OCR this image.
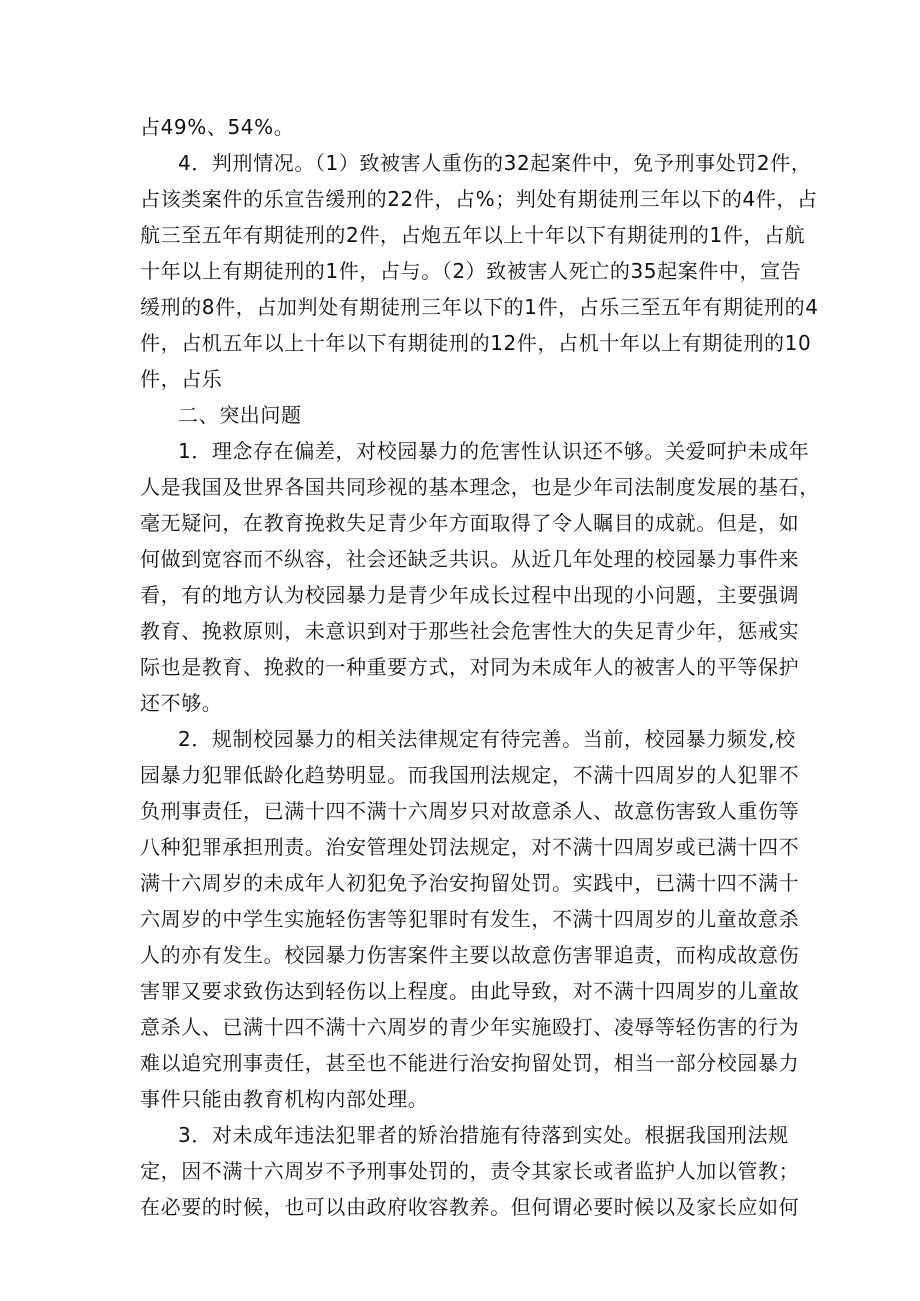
占49%、54%。
4．判刑情况。（1）致被害人重伤的32起案件中，免予刑事处罚2件，
占该类案件的乐宣告缓刑的22件，占%；判处有期徒刑三年以下的4件，占
航三至五年有期徒刑的2件，占炮五年以上十年以下有期徒刑的1件，占航
十年以上有期徒刑的1件，占与。（2）致被害人死亡的35起案件中，宣告
缓刑的8件，占加判处有期徒刑三年以下的1件，占乐三至五年有期徒刑的4
件，占机五年以上十年以下有期徒刑的12件，占机十年以上有期徒刑的10
件，占乐
二、突出问题
1．理念存在偏差，对校园暴力的危害性认识还不够。关爱呵护未成年
人是我国及世界各国共同珍视的基本理念，也是少年司法制度发展的基石，
毫无疑问，在教育挽救失足青少年方面取得了令人瞩目的成就。但是，如
何做到宽容而不纵容，社会还缺乏共识。从近几年处理的校园暴力事件来
看，有的地方认为校园暴力是青少年成长过程中出现的小问题，主要强调
教育、挽救原则，未意识到对于那些社会危害性大的失足青少年，惩戒实
际也是教育、挽救的一种重要方式，对同为未成年人的被害人的平等保护
还不够。
2．规制校园暴力的相关法律规定有待完善。当前，校园暴力频发,校
园暴力犯罪低龄化趋势明显。而我国刑法规定，不满十四周岁的人犯罪不
负刑事责任，已满十四不满十六周岁只对故意杀人、故意伤害致人重伤等
八种犯罪承担刑责。治安管理处罚法规定，对不满十四周岁或已满十四不
满十六周岁的未成年人初犯免予治安拘留处罚。实践中，已满十四不满十
六周岁的中学生实施轻伤害等犯罪时有发生，不满十四周岁的儿童故意杀
人的亦有发生。校园暴力伤害案件主要以故意伤害罪追责，而构成故意伤
害罪又要求致伤达到轻伤以上程度。由此导致，对不满十四周岁的儿童故
意杀人、已满十四不满十六周岁的青少年实施殴打、凌辱等轻伤害的行为
难以追究刑事责任，甚至也不能进行治安拘留处罚，相当一部分校园暴力
事件只能由教育机构内部处理。
3．对未成年违法犯罪者的矫治措施有待落到实处。根据我国刑法规
定，因不满十六周岁不予刑事处罚的，责令其家长或者监护人加以管教；
在必要的时候，也可以由政府收容教养。但何谓必要时候以及家长应如何
